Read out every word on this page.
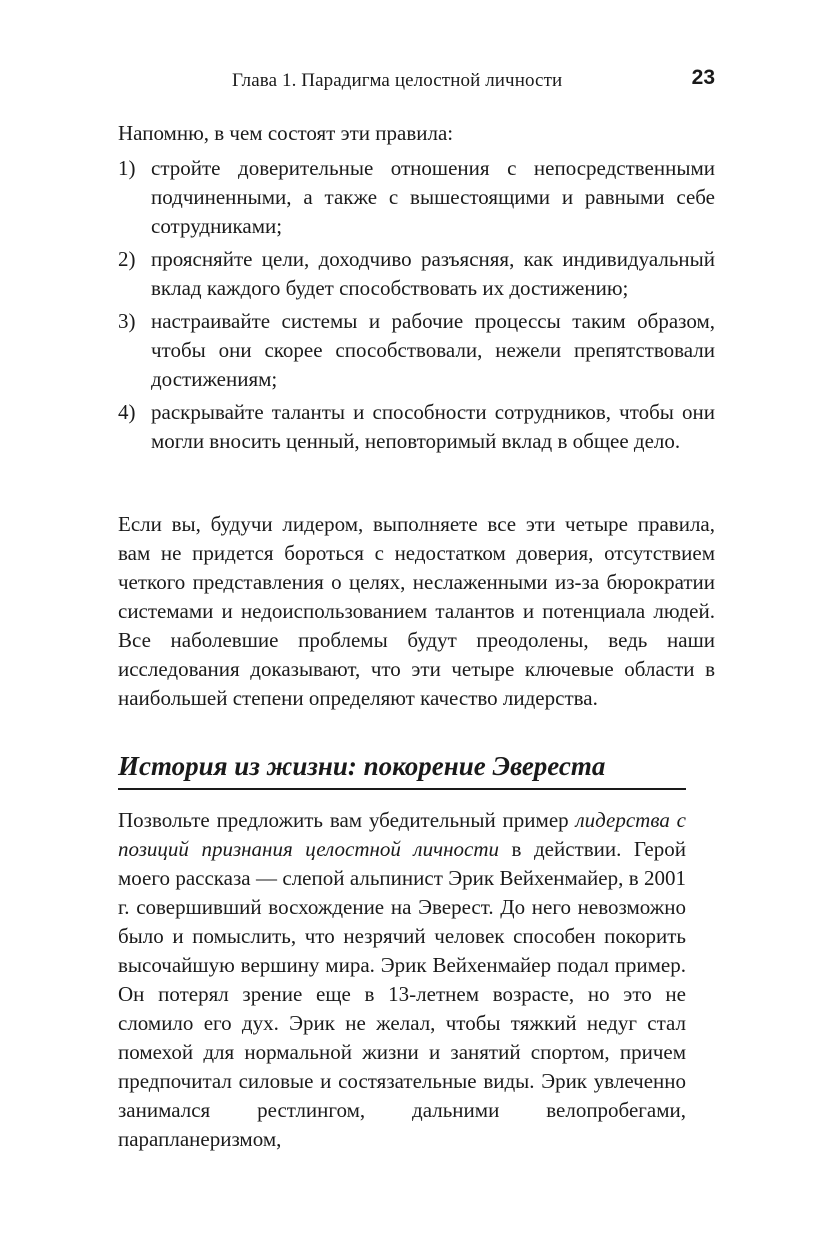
Глава 1. Парадигма целостной личности	23

Напомню, в чем состоят эти правила:

1) стройте доверительные отношения с непосредственными подчиненными, а также с вышестоящими и равными себе сотрудниками;
2) проясняйте цели, доходчиво разъясняя, как индивидуальный вклад каждого будет способствовать их достижению;
3) настраивайте системы и рабочие процессы таким образом, чтобы они скорее способствовали, нежели препятствовали достижениям;
4) раскрывайте таланты и способности сотрудников, чтобы они могли вносить ценный, неповторимый вклад в общее дело.

Если вы, будучи лидером, выполняете все эти четыре правила, вам не придется бороться с недостатком доверия, отсутствием четкого представления о целях, неслаженными из-за бюрократии системами и недоиспользованием талантов и потенциала людей. Все наболевшие проблемы будут преодолены, ведь наши исследования доказывают, что эти четыре ключевые области в наибольшей степени определяют качество лидерства.

История из жизни: покорение Эвереста

Позвольте предложить вам убедительный пример лидерства с позиций признания целостной личности в действии. Герой моего рассказа — слепой альпинист Эрик Вейхенмайер, в 2001 г. совершивший восхождение на Эверест. До него невозможно было и помыслить, что незрячий человек способен покорить высочайшую вершину мира. Эрик Вейхенмайер подал пример. Он потерял зрение еще в 13-летнем возрасте, но это не сломило его дух. Эрик не желал, чтобы тяжкий недуг стал помехой для нормальной жизни и занятий спортом, причем предпочитал силовые и состязательные виды. Эрик увлеченно занимался рестлингом, дальними велопробегами, парапланеризмом,
